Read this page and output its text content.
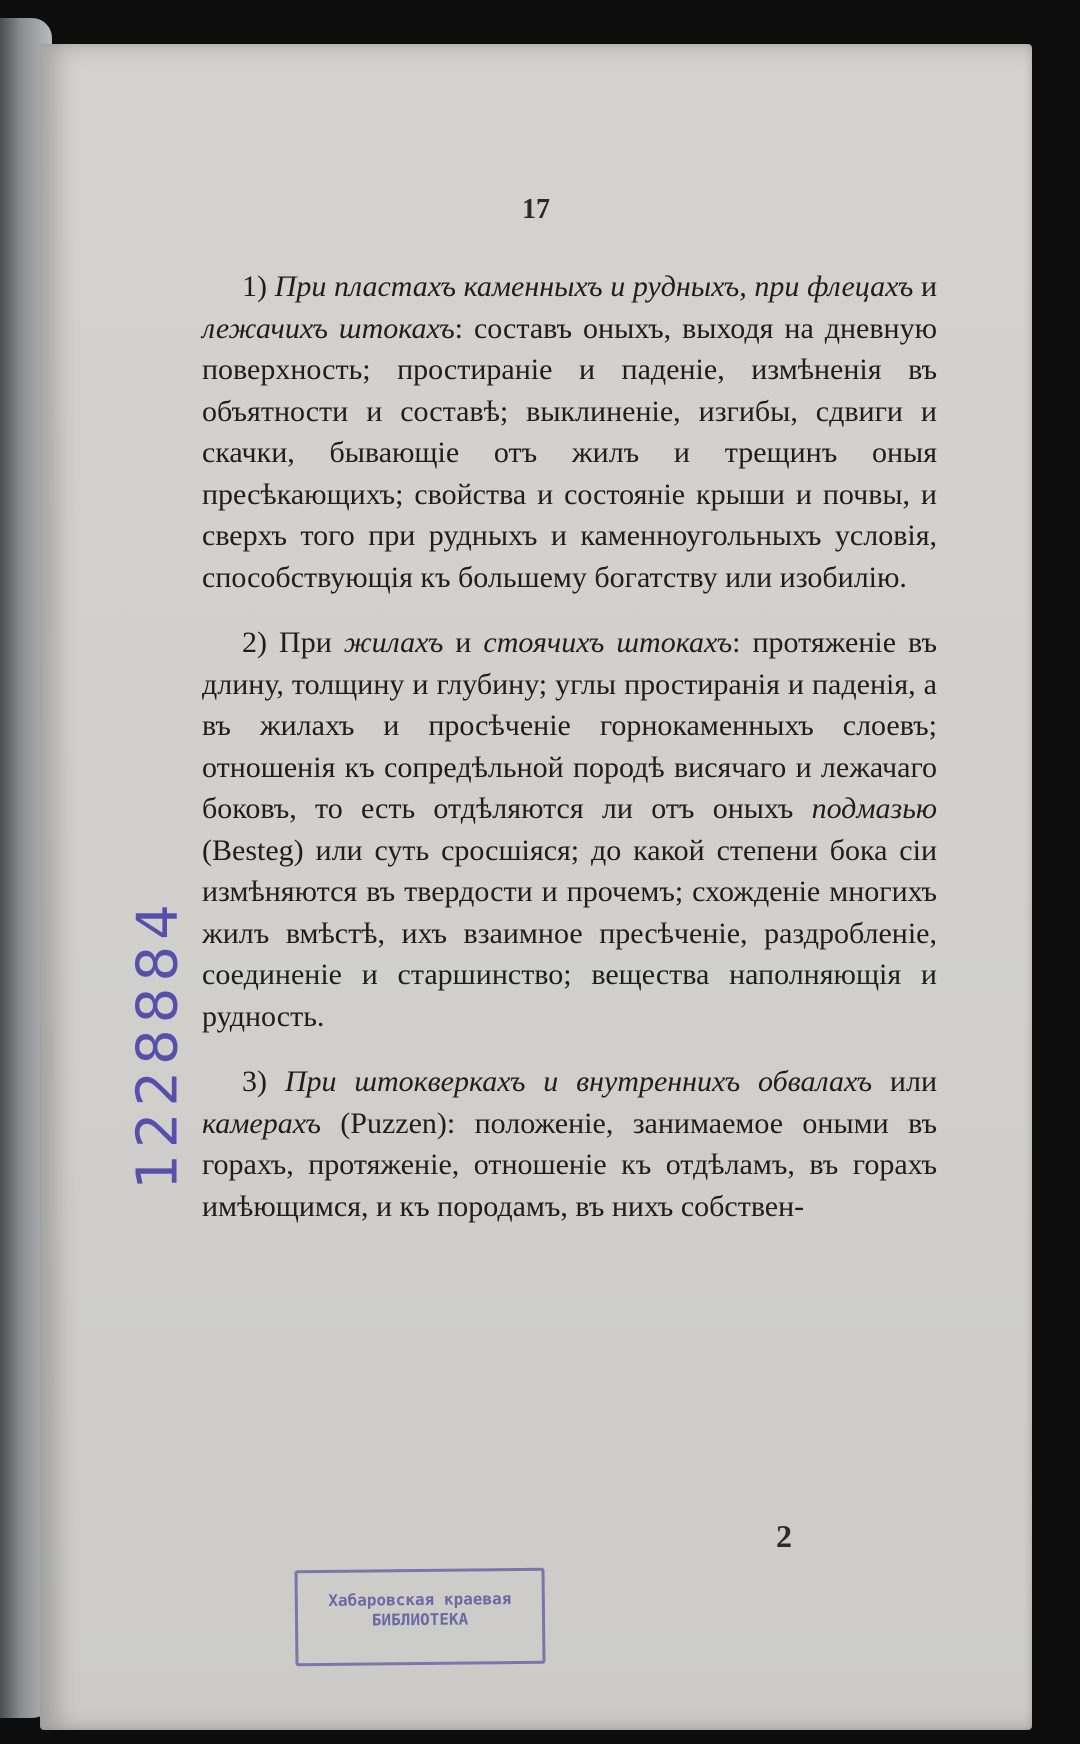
17

1) При пластахъ каменныхъ и рудныхъ, при флецахъ и лежачихъ штокахъ: составъ оныхъ, выходя на дневную поверхность; простираніе и паденіе, измѣненія въ объятности и составѣ; выклиненіе, изгибы, сдвиги и скачки, бывающіе отъ жилъ и трещинъ оныя пресѣкающихъ; свойства и состояніе крыши и почвы, и сверхъ того при рудныхъ и каменноугольныхъ условія, способствующія къ большему богатству или изобилію.

2) При жилахъ и стоячихъ штокахъ: протяженіе въ длину, толщину и глубину; углы простиранія и паденія, а въ жилахъ и просѣченіе горнокаменныхъ слоевъ; отношенія къ сопредѣльной породѣ висячаго и лежачаго боковъ, то есть отдѣляются ли отъ оныхъ подмазью (Besteg) или суть сросшіяся; до какой степени бока сіи измѣняются въ твердости и прочемъ; схожденіе многихъ жилъ вмѣстѣ, ихъ взаимное пресѣченіе, раздробленіе, соединеніе и старшинство; вещества наполняющія и рудность.

3) При штокверкахъ и внутреннихъ обвалахъ или камерахъ (Puzzen): положеніе, занимаемое оными въ горахъ, протяженіе, отношеніе къ отдѣламъ, въ горахъ имѣющимся, и къ породамъ, въ нихъ собствен-

2
1228884
Хабаровская краевая
БИБЛИОТЕКА
